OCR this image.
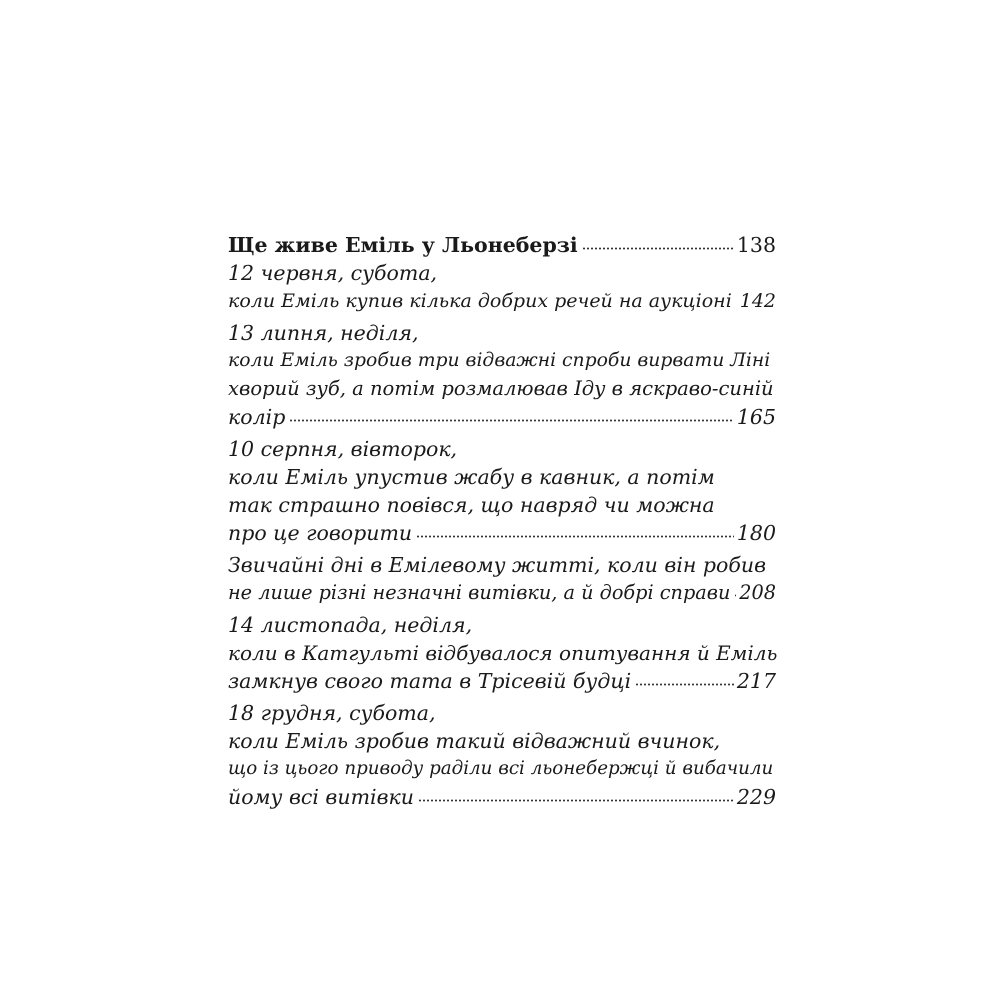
Ще живе Еміль у Льонеберзі	138
12 червня, субота,
коли Еміль купив кілька добрих речей на аукціоні 142
13 липня, неділя,
коли Еміль зробив три відважні спроби вирвати Ліні
хворий зуб, а потім розмалював Іду в яскраво-синій
колір	165
10 серпня, вівторок,
коли Еміль упустив жабу в кавник, а потім
так страшно повівся, що навряд чи можна
про це говорити	180
Звичайні дні в Емілевому житті, коли він робив
не лише різні незначні витівки, а й добрі справи 208
14 листопада, неділя,
коли в Катгульті відбувалося опитування й Еміль
замкнув свого тата в Трісевій будці	217
18 грудня, субота,
коли Еміль зробив такий відважний вчинок,
що із цього приводу раділи всі льонебержці й вибачили
йому всі витівки	229
